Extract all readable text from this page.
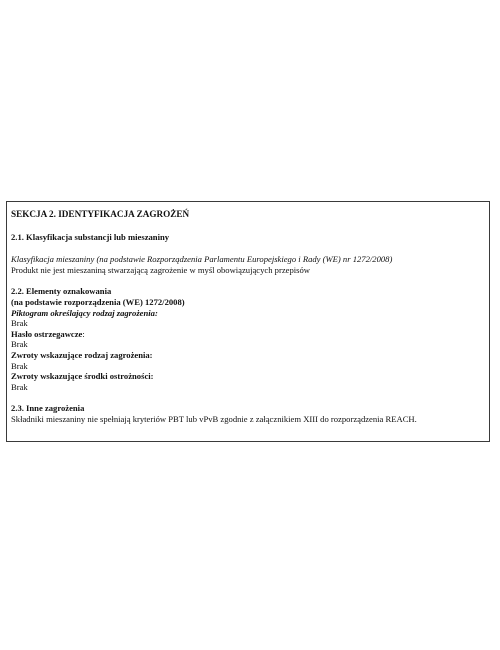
SEKCJA 2. IDENTYFIKACJA ZAGROŻEŃ

2.1. Klasyfikacja substancji lub mieszaniny

Klasyfikacja mieszaniny (na podstawie Rozporządzenia Parlamentu Europejskiego i Rady (WE) nr 1272/2008)

Produkt nie jest mieszaniną stwarzającą zagrożenie w myśl obowiązujących przepisów

2.2. Elementy oznakowania

(na podstawie rozporządzenia (WE) 1272/2008)

Piktogram określający rodzaj zagrożenia:

Brak

Hasło ostrzegawcze:

Brak

Zwroty wskazujące rodzaj zagrożenia:

Brak

Zwroty wskazujące środki ostrożności:

Brak

2.3. Inne zagrożenia

Składniki mieszaniny nie spełniają kryteriów PBT lub vPvB zgodnie z załącznikiem XIII do rozporządzenia REACH.
